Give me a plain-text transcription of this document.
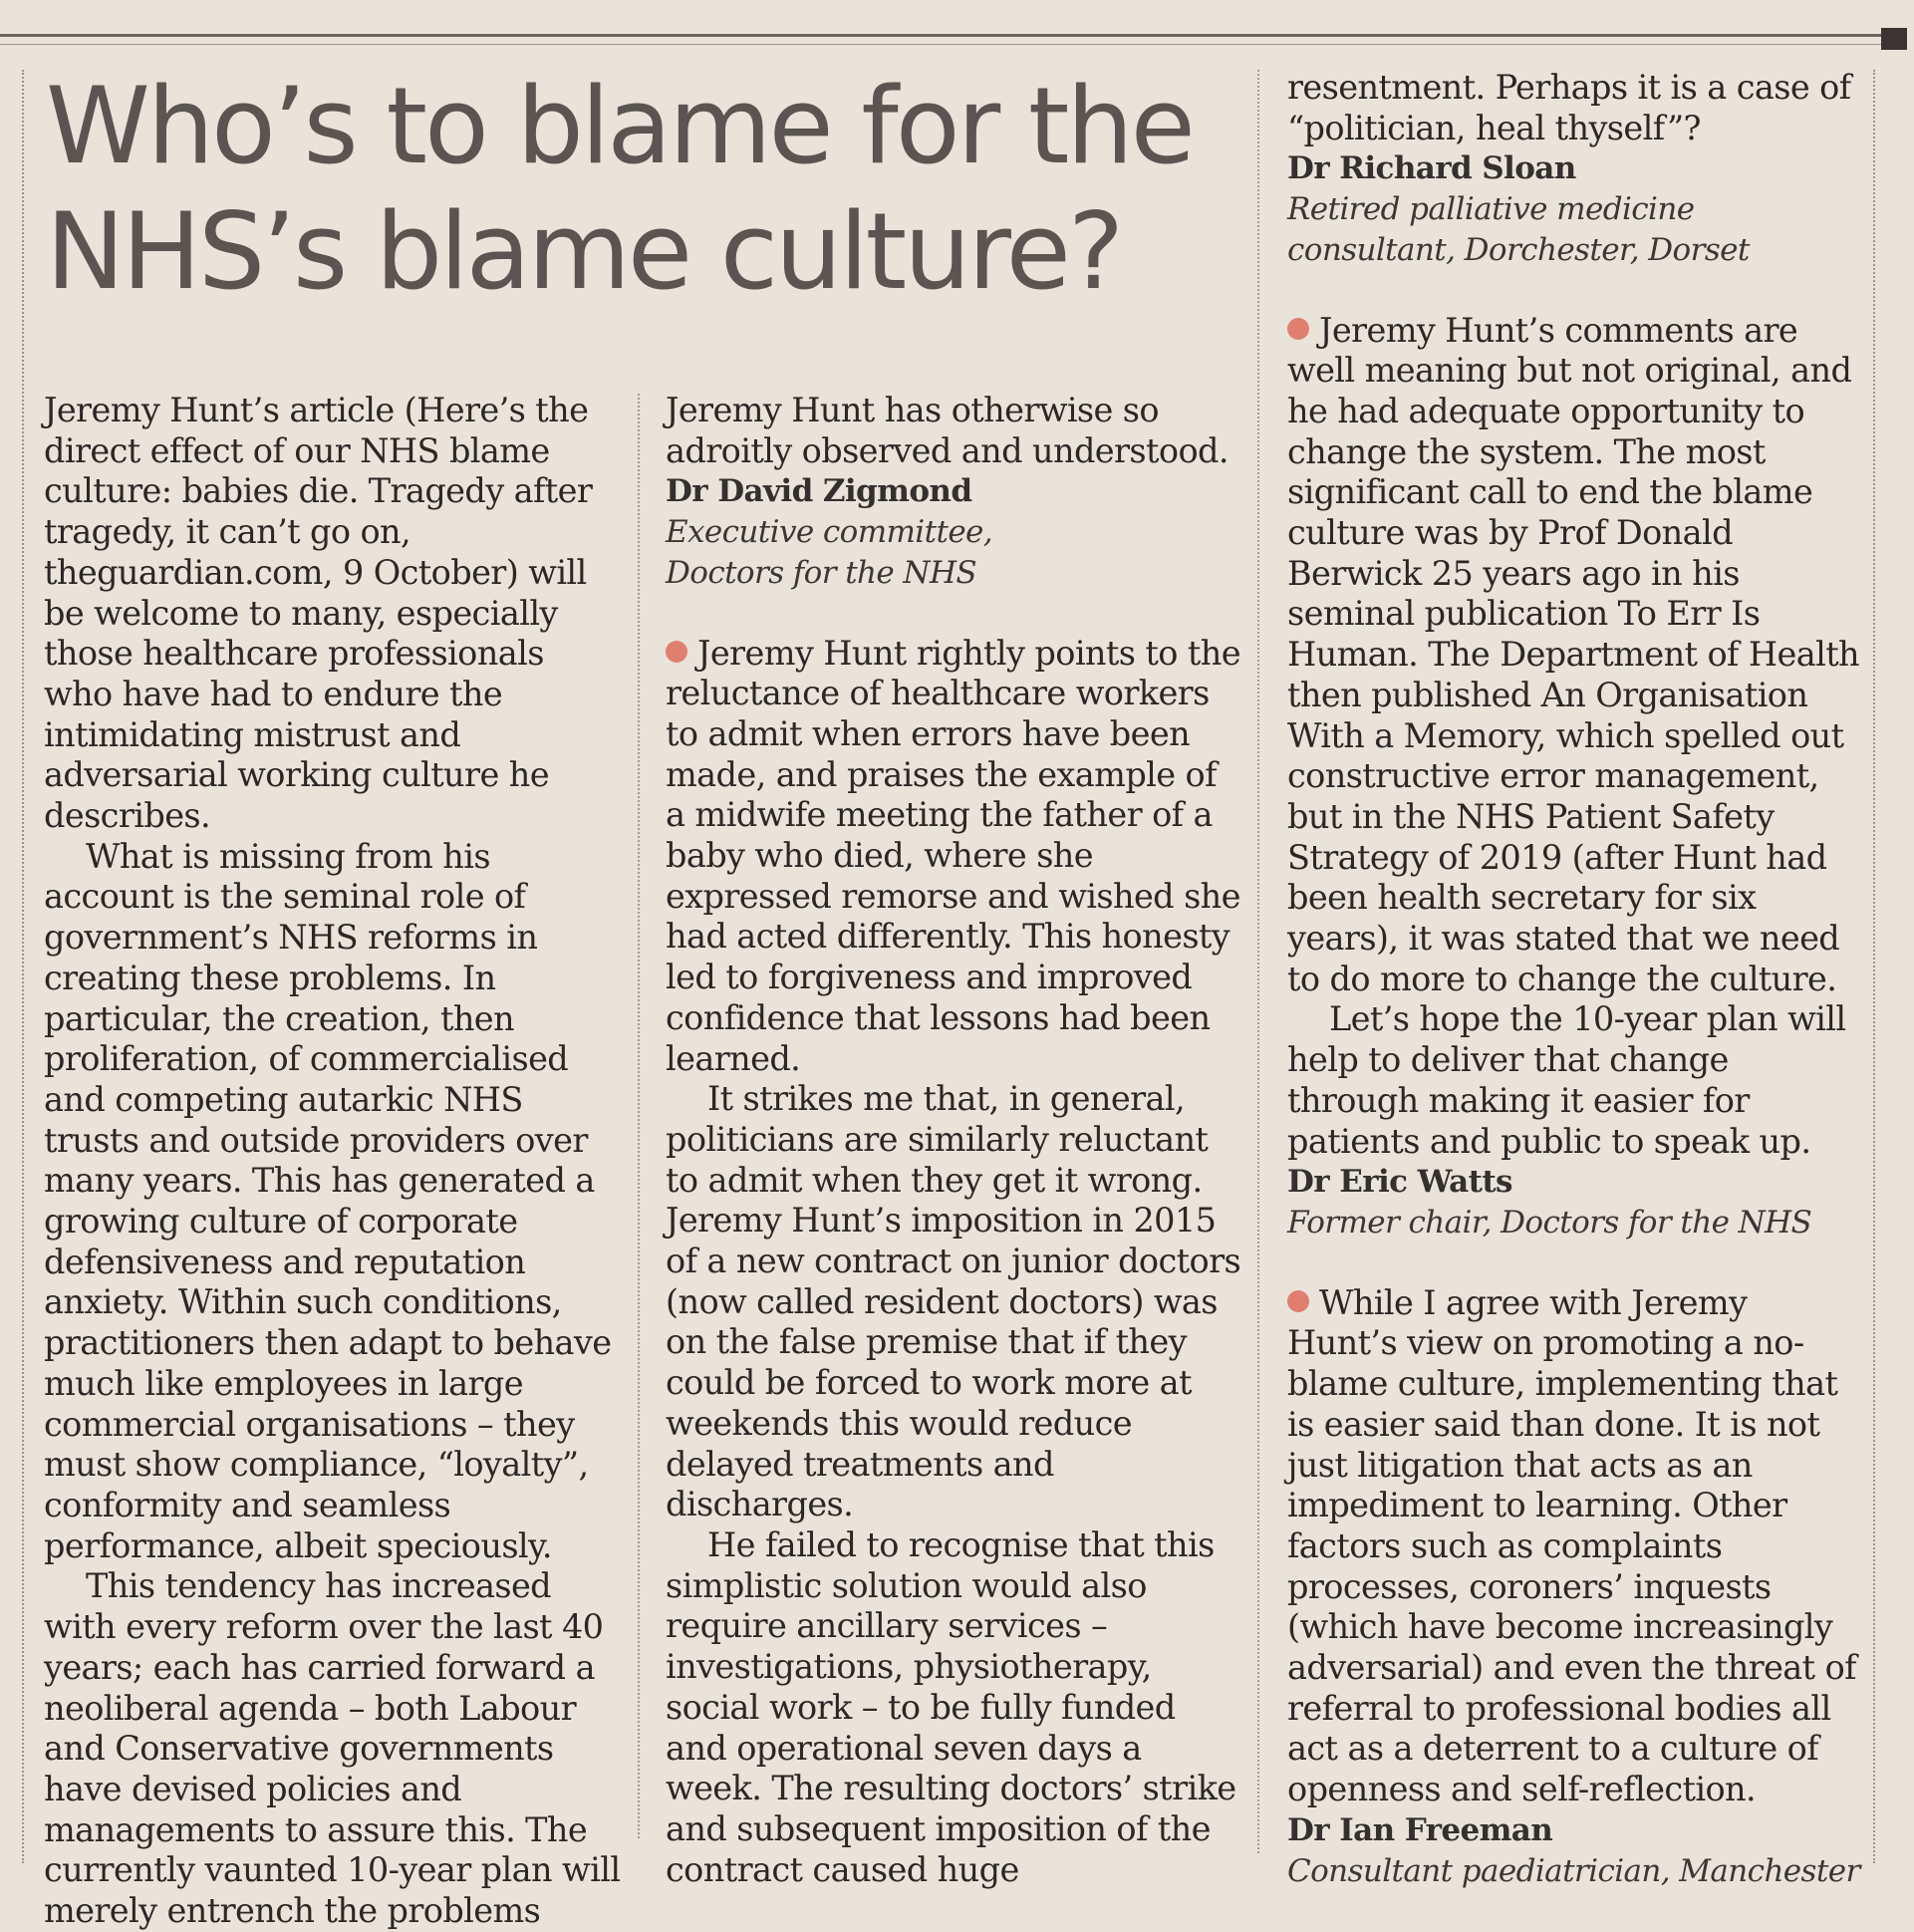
Who’s to blame for the NHS’s blame culture?

Jeremy Hunt’s article (Here’s the direct effect of our NHS blame culture: babies die. Tragedy after tragedy, it can’t go on, theguardian.com, 9 October) will be welcome to many, especially those healthcare professionals who have had to endure the intimidating mistrust and adversarial working culture he describes.

What is missing from his account is the seminal role of government’s NHS reforms in creating these problems. In particular, the creation, then proliferation, of commercialised and competing autarkic NHS trusts and outside providers over many years. This has generated a growing culture of corporate defensiveness and reputation anxiety. Within such conditions, practitioners then adapt to behave much like employees in large commercial organisations – they must show compliance, “loyalty”, conformity and seamless performance, albeit speciously.

This tendency has increased with every reform over the last 40 years; each has carried forward a neoliberal agenda – both Labour and Conservative governments have devised policies and managements to assure this. The currently vaunted 10-year plan will merely entrench the problems

Jeremy Hunt has otherwise so adroitly observed and understood.

Dr David Zigmond

Executive committee,

Doctors for the NHS

Jeremy Hunt rightly points to the reluctance of healthcare workers to admit when errors have been made, and praises the example of a midwife meeting the father of a baby who died, where she expressed remorse and wished she had acted differently. This honesty led to forgiveness and improved confidence that lessons had been learned.

It strikes me that, in general, politicians are similarly reluctant to admit when they get it wrong. Jeremy Hunt’s imposition in 2015 of a new contract on junior doctors (now called resident doctors) was on the false premise that if they could be forced to work more at weekends this would reduce delayed treatments and discharges.

He failed to recognise that this simplistic solution would also require ancillary services – investigations, physiotherapy, social work – to be fully funded and operational seven days a week. The resulting doctors’ strike and subsequent imposition of the contract caused huge

resentment. Perhaps it is a case of “politician, heal thyself”?

Dr Richard Sloan

Retired palliative medicine

consultant, Dorchester, Dorset

Jeremy Hunt’s comments are well meaning but not original, and he had adequate opportunity to change the system. The most significant call to end the blame culture was by Prof Donald Berwick 25 years ago in his seminal publication To Err Is Human. The Department of Health then published An Organisation With a Memory, which spelled out constructive error management, but in the NHS Patient Safety Strategy of 2019 (after Hunt had been health secretary for six years), it was stated that we need to do more to change the culture.

Let’s hope the 10-year plan will help to deliver that change through making it easier for patients and public to speak up.

Dr Eric Watts

Former chair, Doctors for the NHS

While I agree with Jeremy Hunt’s view on promoting a no-blame culture, implementing that is easier said than done. It is not just litigation that acts as an impediment to learning. Other factors such as complaints processes, coroners’ inquests (which have become increasingly adversarial) and even the threat of referral to professional bodies all act as a deterrent to a culture of openness and self-reflection.

Dr Ian Freeman

Consultant paediatrician, Manchester
